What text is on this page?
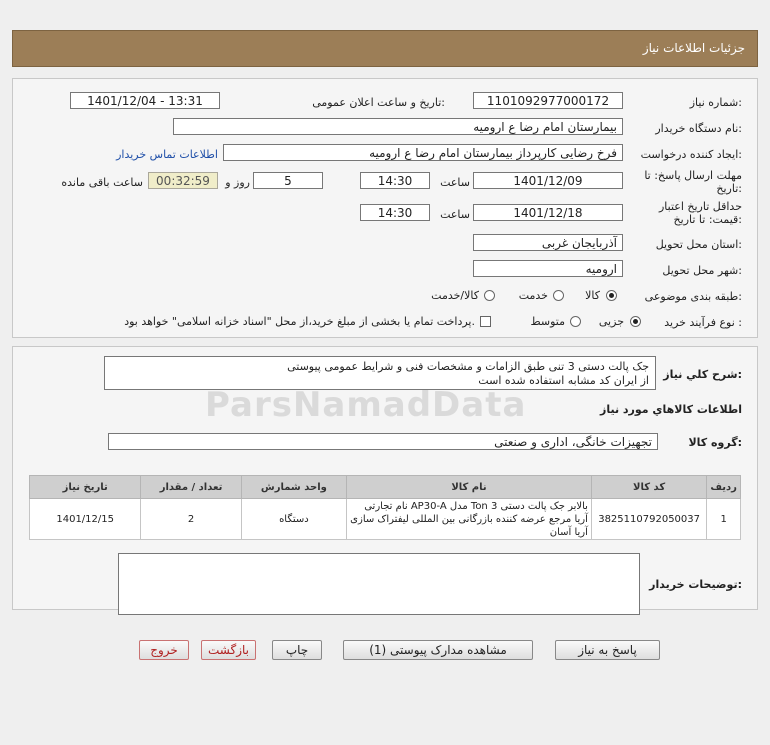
جزئیات اطلاعات نیاز
شماره نیاز:
1101092977000172
تاریخ و ساعت اعلان عمومی:
1401/12/04 - 13:31
نام دستگاه خریدار:
بیمارستان امام رضا ع ارومیه
ایجاد کننده درخواست:
فرخ رضایی کارپرداز بیمارستان امام رضا ع ارومیه
اطلاعات تماس خریدار
مهلت ارسال پاسخ: تا تاریخ:
1401/12/09
ساعت
14:30
5
روز و
00:32:59
ساعت باقی مانده
حداقل تاریخ اعتبار قیمت: تا تاریخ:
1401/12/18
ساعت
14:30
استان محل تحویل:
آذربایجان غربی
شهر محل تحویل:
ارومیه
طبقه بندی موضوعی:
کالا
خدمت
کالا/خدمت
نوع فرآیند خرید :
جزیی
متوسط
پرداخت تمام یا بخشی از مبلغ خرید،از محل "اسناد خزانه اسلامی" خواهد بود.
شرح کلي نياز:
جک پالت دستی 3 تنی طبق الزامات و مشخصات فنی و شرایط عمومی پیوستی
از ایران کد مشابه استفاده شده است
اطلاعات کالاهاي مورد نياز
گروه کالا:
تجهیزات خانگی، اداری و صنعتی
تاریخ نیاز	تعداد / مقدار	واحد شمارش	نام کالا	کد کالا	ردیف
1401/12/15	2	دستگاه	بالابر جک پالت دستی 3 Ton مدل AP30-A نام تجارتی آریا مرجع عرضه کننده بازرگانی بین المللی لیفتراک سازی آریا آسان	3825110792050037	1
توضیحات خریدار:
ParsNamadData
پاسخ به نیاز
مشاهده مدارک پیوستی (1)
چاپ
بازگشت
خروج
